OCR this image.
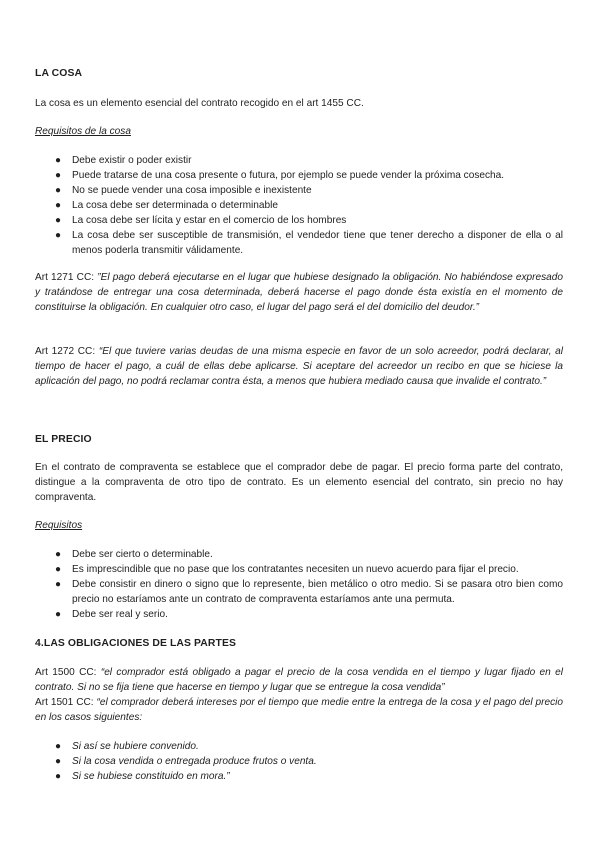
LA COSA
La cosa es un elemento esencial del contrato recogido en el art 1455 CC.
Requisitos de la cosa
●	Debe existir o poder existir
●	Puede tratarse de una cosa presente o futura, por ejemplo se puede vender la próxima cosecha.
●	No se puede vender una cosa imposible e inexistente
●	La cosa debe ser determinada o determinable
●	La cosa debe ser lícita y estar en el comercio de los hombres
●	La cosa debe ser susceptible de transmisión, el vendedor tiene que tener derecho a disponer de ella o al menos poderla transmitir válidamente.
Art 1271 CC: ”El pago deberá ejecutarse en el lugar que hubiese designado la obligación. No habiéndose expresado y tratándose de entregar una cosa determinada, deberá hacerse el pago donde ésta existía en el momento de constituirse la obligación. En cualquier otro caso, el lugar del pago será el del domicilio del deudor.”
Art 1272 CC: “El que tuviere varias deudas de una misma especie en favor de un solo acreedor, podrá declarar, al tiempo de hacer el pago, a cuál de ellas debe aplicarse. Si aceptare del acreedor un recibo en que se hiciese la aplicación del pago, no podrá reclamar contra ésta, a menos que hubiera mediado causa que invalide el contrato.”
EL PRECIO
En el contrato de compraventa se establece que el comprador debe de pagar. El precio forma parte del contrato, distingue a la compraventa de otro tipo de contrato. Es un elemento esencial del contrato, sin precio no hay compraventa.
Requisitos
●	Debe ser cierto o determinable.
●	Es imprescindible que no pase que los contratantes necesiten un nuevo acuerdo para fijar el precio.
●	Debe consistir en dinero o signo que lo represente, bien metálico o otro medio. Si se pasara otro bien como precio no estaríamos ante un contrato de compraventa estaríamos ante una permuta.
●	Debe ser real y serio.
4.LAS OBLIGACIONES DE LAS PARTES
Art 1500 CC: “el comprador está obligado a pagar el precio de la cosa vendida en el tiempo y lugar fijado en el contrato. Si no se fija tiene que hacerse en tiempo y lugar que se entregue la cosa vendida”
Art 1501 CC: “el comprador deberá intereses por el tiempo que medie entre la entrega de la cosa y el pago del precio en los casos siguientes:
●	Si así se hubiere convenido.
●	Si la cosa vendida o entregada produce frutos o venta.
●	Si se hubiese constituido en mora.”
